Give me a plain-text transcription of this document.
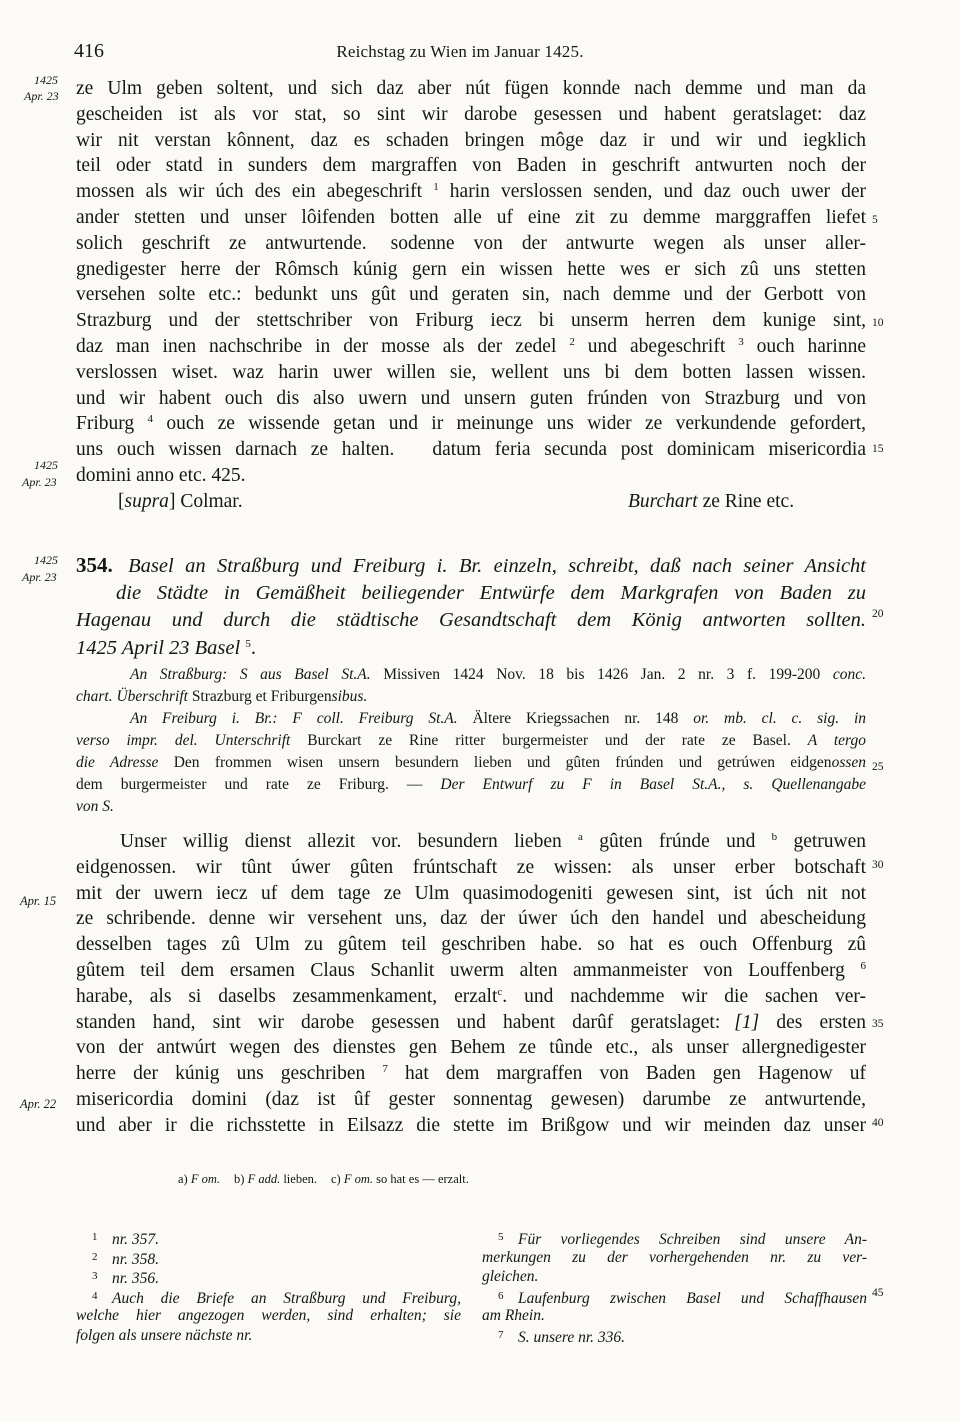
416	Reichstag zu Wien im Januar 1425.
1425
Apr. 23
1425
Apr. 23
1425
Apr. 23
Apr. 15
Apr. 22
5
10
15
20
25
30
35
40
45
ze Ulm geben soltent, und sich daz aber nút fügen konnde nach demme und man da
gescheiden ist als vor stat, so sint wir darobe gesessen und habent geratslaget: daz
wir nit verstan kônnent, daz es schaden bringen môge daz ir und wir und iegklich
teil oder statd in sunders dem margraffen von Baden in geschrift antwurten noch der
mossen als wir úch des ein abegeschrift $^1$ harin verslossen senden, und daz ouch uwer der
ander stetten und unser lôifenden botten alle uf eine zit zu demme marggraffen liefet
solich geschrift ze antwurtende. sodenne von der antwurte wegen als unser aller-
gnedigester herre der Rômsch kúnig gern ein wissen hette wes er sich zû uns stetten
versehen solte etc.: bedunkt uns gût und geraten sin, nach demme und der Gerbott von
Strazburg und der stettschriber von Friburg iecz bi unserm herren dem kunige sint,
daz man inen nachschribe in der mosse als der zedel $^2$ und abegeschrift $^3$ ouch harinne
verslossen wiset. waz harin uwer willen sie, wellent uns bi dem botten lassen wissen.
und wir habent ouch dis also uwern und unsern guten frúnden von Strazburg und von
Friburg $^4$ ouch ze wissende getan und ir meinunge uns wider ze verkundende gefordert,
uns ouch wissen darnach ze halten. datum feria secunda post dominicam misericordia
domini anno etc. 425.
[supra] Colmar.	Burchart ze Rine etc.
354. Basel an Straßburg und Freiburg i. Br. einzeln, schreibt, daß nach seiner Ansicht
die Städte in Gemäßheit beiliegender Entwürfe dem Markgrafen von Baden zu
Hagenau und durch die städtische Gesandtschaft dem König antworten sollten.
1425 April 23 Basel $^5$.
An Straßburg: S aus Basel St.A. Missiven 1424 Nov. 18 bis 1426 Jan. 2 nr. 3 f. 199-200 conc.
chart. Überschrift Strazburg et Friburgensibus.
An Freiburg i. Br.: F coll. Freiburg St.A. Ältere Kriegssachen nr. 148 or. mb. cl. c. sig. in
verso impr. del. Unterschrift Burckart ze Rine ritter burgermeister und der rate ze Basel. A tergo
die Adresse Den frommen wisen unsern besundern lieben und gûten frúnden und getrúwen eidgenossen
dem burgermeister und rate ze Friburg. — Der Entwurf zu F in Basel St.A., s. Quellenangabe
von S.
Unser willig dienst allezit vor. besundern lieben $^a$ gûten frúnde und $^b$ getruwen
eidgenossen. wir tûnt úwer gûten frúntschaft ze wissen: als unser erber botschaft
mit der uwern iecz uf dem tage ze Ulm quasimodogeniti gewesen sint, ist úch nit not
ze schribende. denne wir versehent uns, daz der úwer úch den handel und abescheidung
desselben tages zû Ulm zu gûtem teil geschriben habe. so hat es ouch Offenburg zû
gûtem teil dem ersamen Claus Schanlit uwerm alten ammanmeister von Louffenberg $^6$
harabe, als si daselbs zesammenkament, erzalt$^c$. und nachdemme wir die sachen ver-
standen hand, sint wir darobe gesessen und habent darûf geratslaget: [1] des ersten
von der antwúrt wegen des dienstes gen Behem ze tûnde etc., als unser allergnedigester
herre der kúnig uns geschriben $^7$ hat dem margraffen von Baden gen Hagenow uf
misericordia domini (daz ist ûf gester sonnentag gewesen) darumbe ze antwurtende,
und aber ir die richsstette in Eilsazz die stette im Brißgow und wir meinden daz unser
a) F om. b) F add. lieben. c) F om. so hat es — erzalt.
1 nr. 357.
2 nr. 358.
3 nr. 356.
4 Auch die Briefe an Straßburg und Freiburg,
welche hier angezogen werden, sind erhalten; sie
folgen als unsere nächste nr.
5 Für vorliegendes Schreiben sind unsere An-
merkungen zu der vorhergehenden nr. zu ver-
gleichen.
6 Laufenburg zwischen Basel und Schaffhausen
am Rhein.
7 S. unsere nr. 336.
